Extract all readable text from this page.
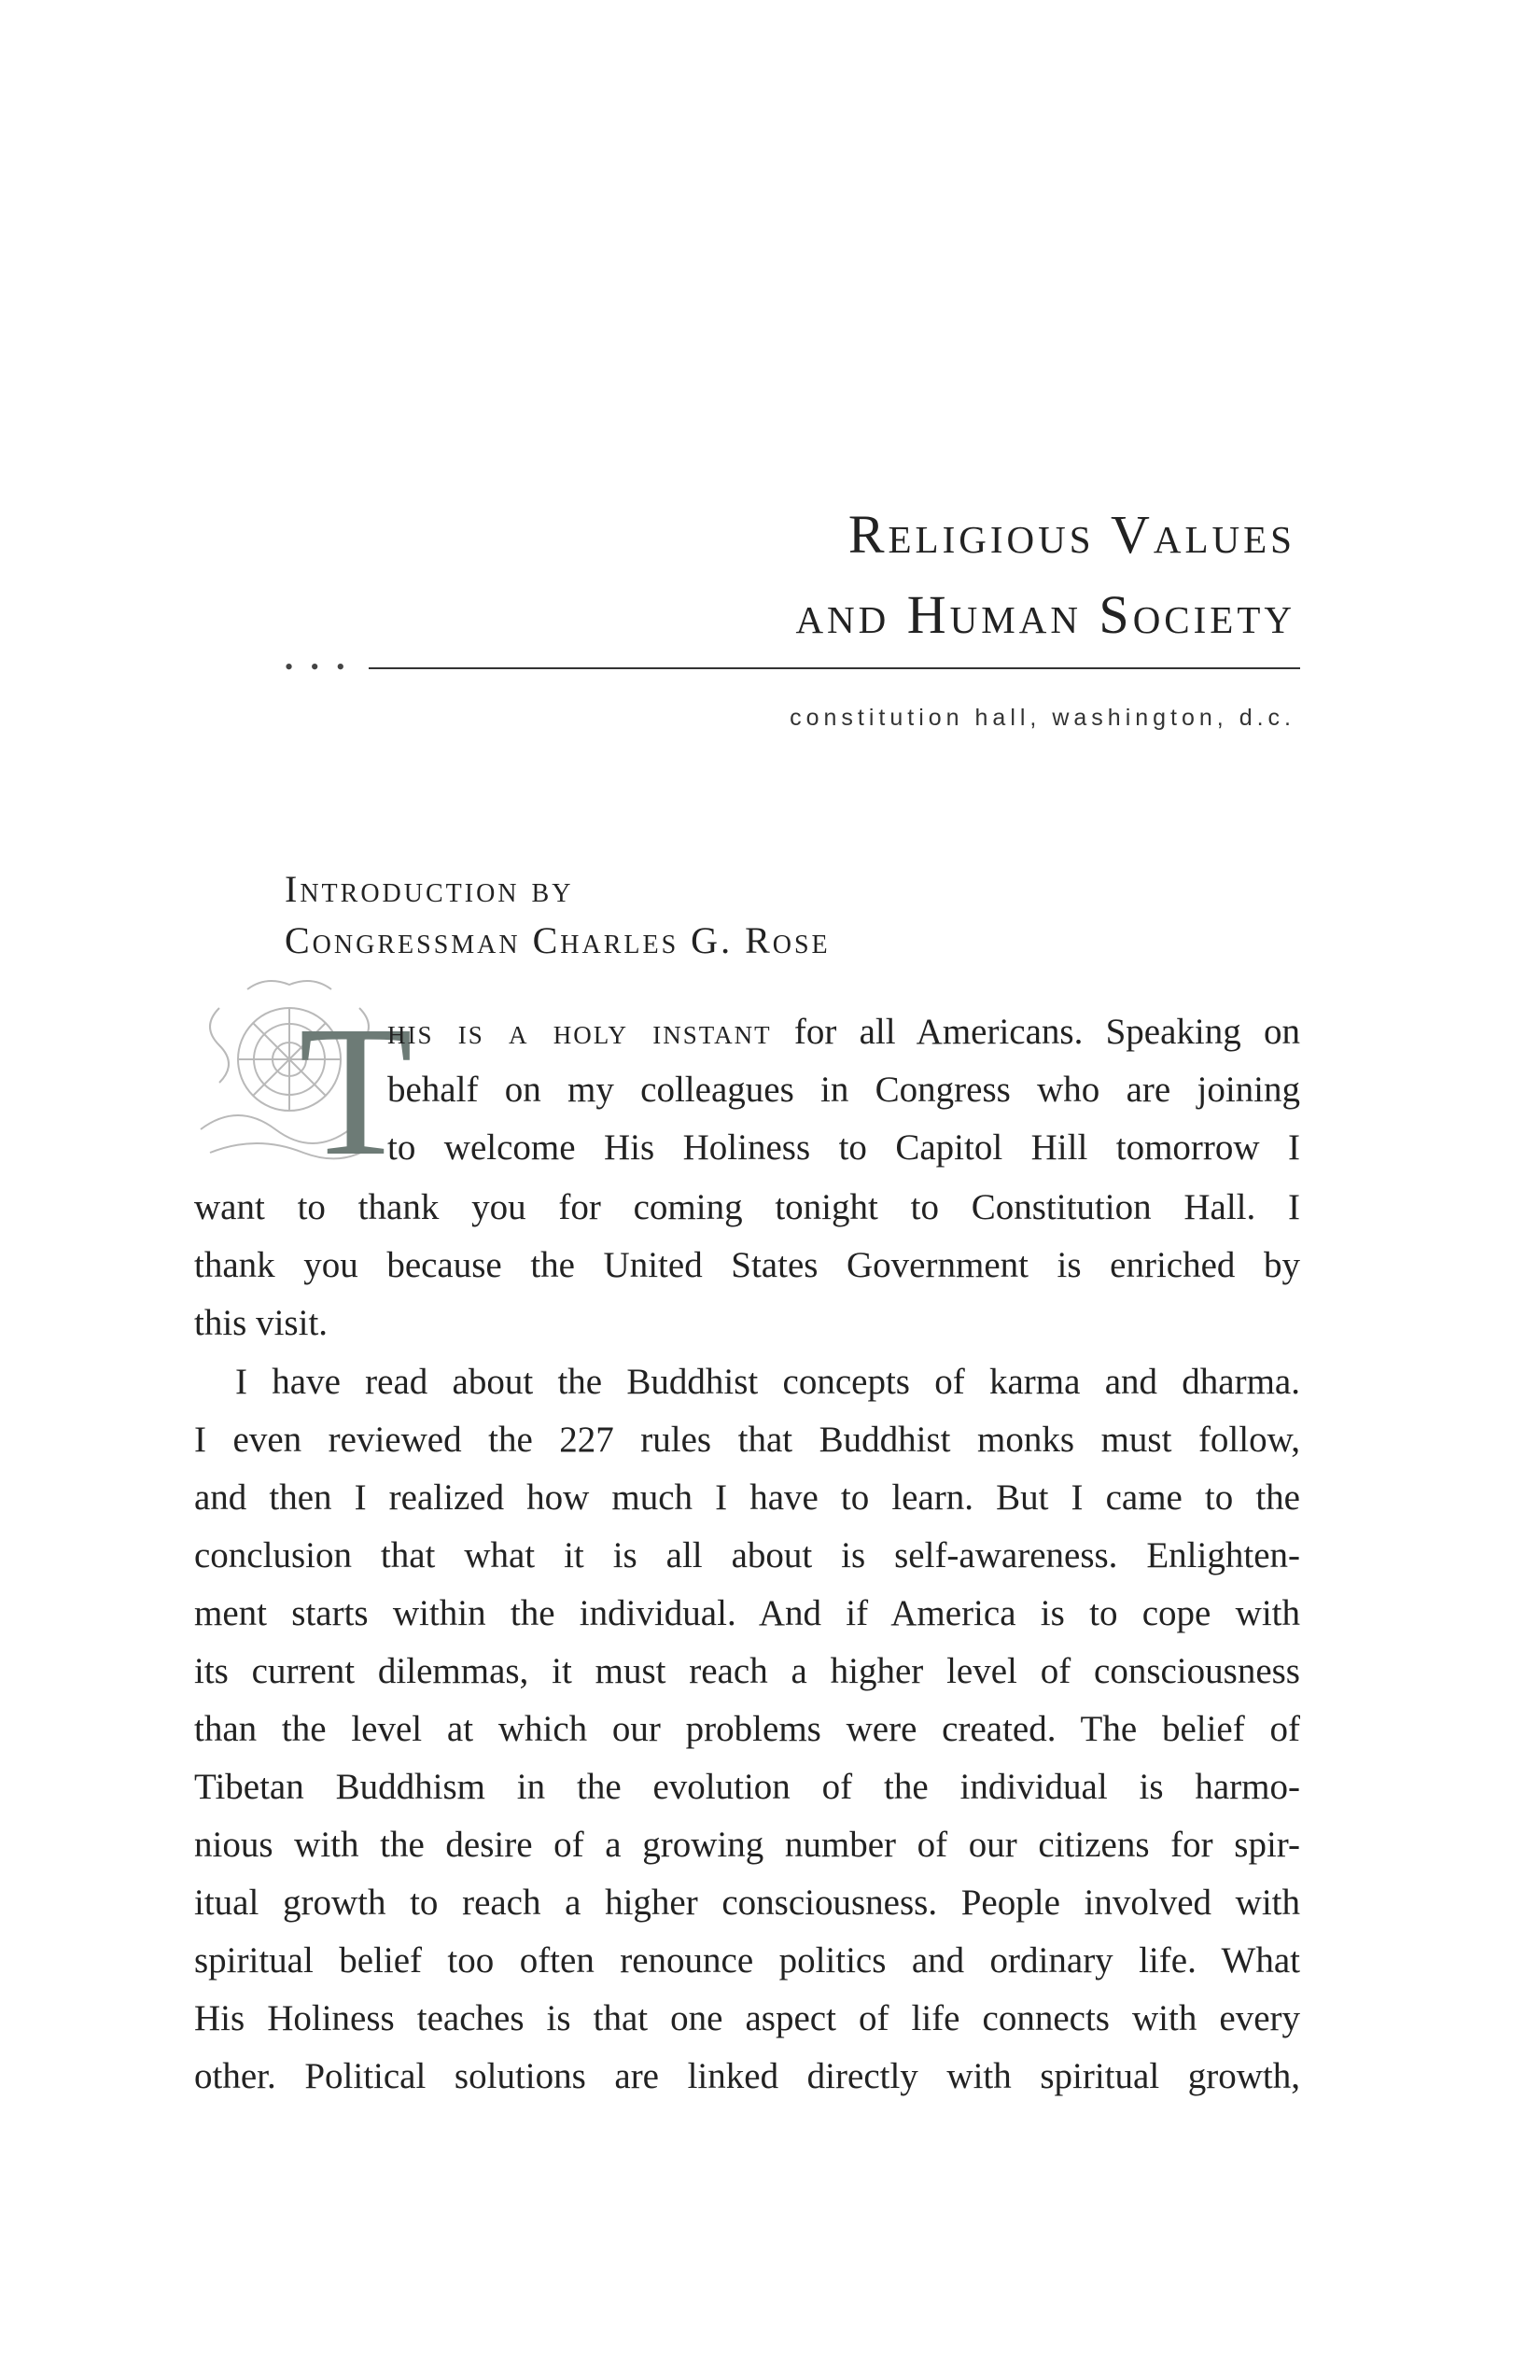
Religious Values
and Human Society
• • •
constitution hall, washington, d.c.
Introduction by
Congressman Charles G. Rose
T
his is a holy instant for all Americans. Speaking on
behalf on my colleagues in Congress who are joining
to welcome His Holiness to Capitol Hill tomorrow I
want to thank you for coming tonight to Constitution Hall. I
thank you because the United States Government is enriched by
this visit.
I have read about the Buddhist concepts of karma and dharma.
I even reviewed the 227 rules that Buddhist monks must follow,
and then I realized how much I have to learn. But I came to the
conclusion that what it is all about is self-awareness. Enlighten-
ment starts within the individual. And if America is to cope with
its current dilemmas, it must reach a higher level of consciousness
than the level at which our problems were created. The belief of
Tibetan Buddhism in the evolution of the individual is harmo-
nious with the desire of a growing number of our citizens for spir-
itual growth to reach a higher consciousness. People involved with
spiritual belief too often renounce politics and ordinary life. What
His Holiness teaches is that one aspect of life connects with every
other. Political solutions are linked directly with spiritual growth,
